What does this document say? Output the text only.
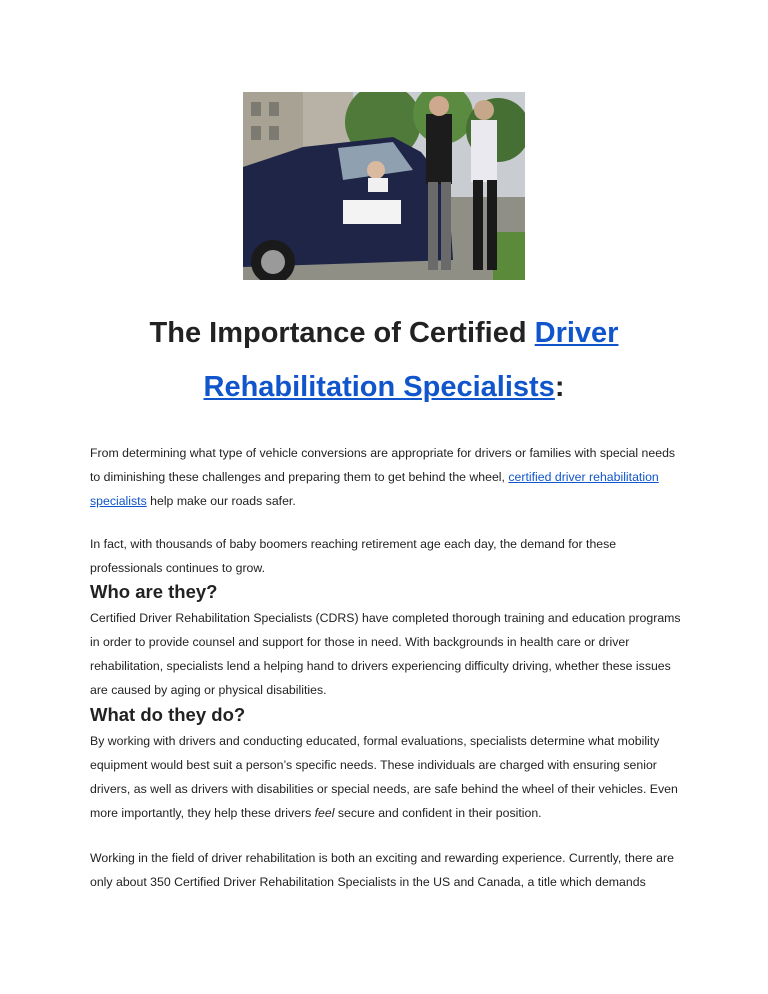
The Importance of Certified Driver
Rehabilitation Specialists:

From determining what type of vehicle conversions are appropriate for drivers or families with special needs to diminishing these challenges and preparing them to get behind the wheel, certified driver rehabilitation specialists help make our roads safer.

In fact, with thousands of baby boomers reaching retirement age each day, the demand for these professionals continues to grow.

Who are they?

Certified Driver Rehabilitation Specialists (CDRS) have completed thorough training and education programs in order to provide counsel and support for those in need. With backgrounds in health care or driver rehabilitation, specialists lend a helping hand to drivers experiencing difficulty driving, whether these issues are caused by aging or physical disabilities.

What do they do?

By working with drivers and conducting educated, formal evaluations, specialists determine what mobility equipment would best suit a person’s specific needs. These individuals are charged with ensuring senior drivers, as well as drivers with disabilities or special needs, are safe behind the wheel of their vehicles. Even more importantly, they help these drivers feel secure and confident in their position.

Working in the field of driver rehabilitation is both an exciting and rewarding experience. Currently, there are only about 350 Certified Driver Rehabilitation Specialists in the US and Canada, a title which demands
